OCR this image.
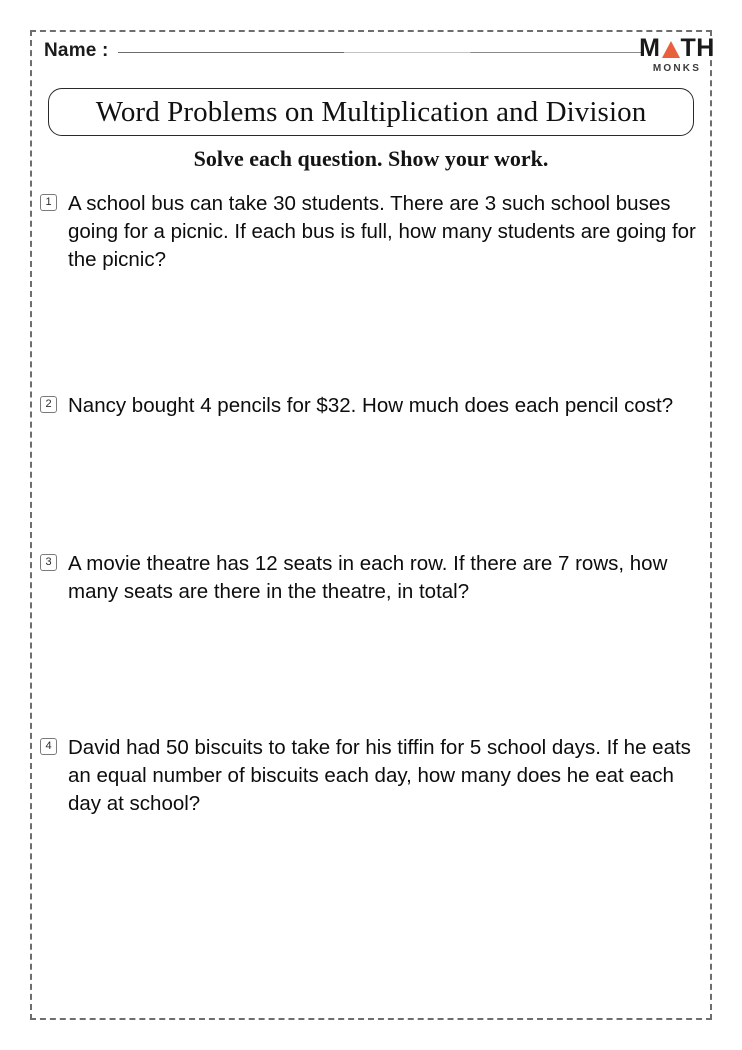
Name :	M TH
MONKS
Word Problems on Multiplication and Division
Solve each question. Show your work.
1 A school bus can take 30 students. There are 3 such school buses going for a picnic. If each bus is full, how many students are going for the picnic?

2 Nancy bought 4 pencils for $32. How much does each pencil cost?

3 A movie theatre has 12 seats in each row. If there are 7 rows, how many seats are there in the theatre, in total?

4 David had 50 biscuits to take for his tiffin for 5 school days. If he eats an equal number of biscuits each day, how many does he eat each day at school?
